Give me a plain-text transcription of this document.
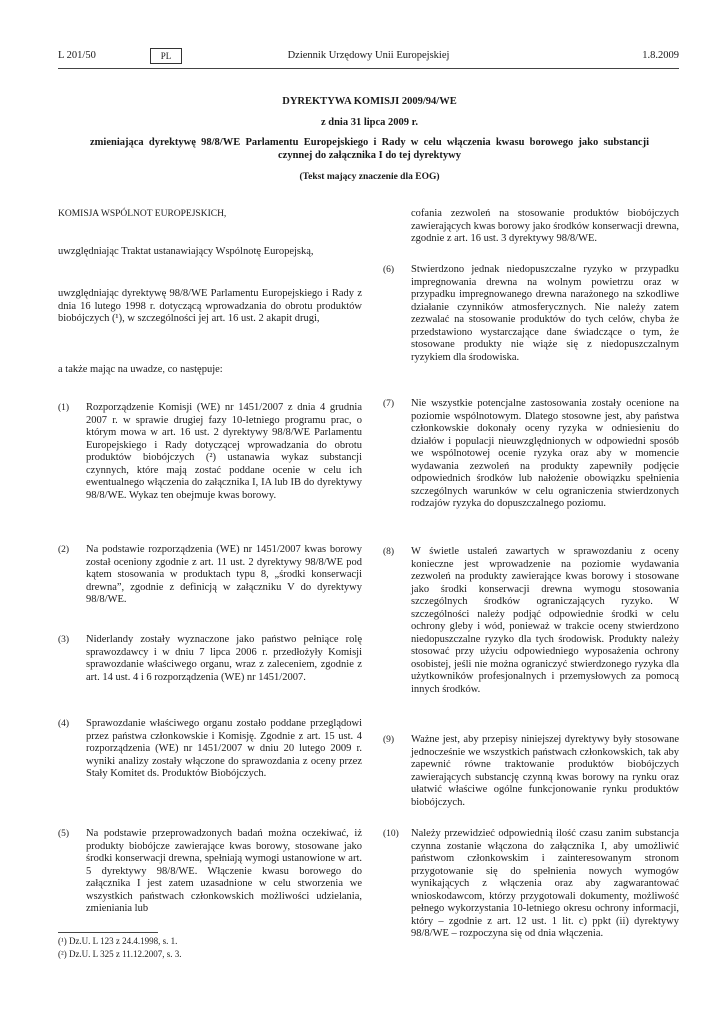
L 201/50	PL	Dziennik Urzędowy Unii Europejskiej	1.8.2009
DYREKTYWA KOMISJI 2009/94/WE
z dnia 31 lipca 2009 r.
zmieniająca dyrektywę 98/8/WE Parlamentu Europejskiego i Rady w celu włączenia kwasu borowego jako substancji czynnej do załącznika I do tej dyrektywy
(Tekst mający znaczenie dla EOG)
KOMISJA WSPÓLNOT EUROPEJSKICH,
uwzględniając Traktat ustanawiający Wspólnotę Europejską,
uwzględniając dyrektywę 98/8/WE Parlamentu Europejskiego i Rady z dnia 16 lutego 1998 r. dotyczącą wprowadzania do obrotu produktów biobójczych (¹), w szczególności jej art. 16 ust. 2 akapit drugi,
a także mając na uwadze, co następuje:
(1) Rozporządzenie Komisji (WE) nr 1451/2007 z dnia 4 grudnia 2007 r. w sprawie drugiej fazy 10-letniego programu prac, o którym mowa w art. 16 ust. 2 dyrektywy 98/8/WE Parlamentu Europejskiego i Rady dotyczącej wprowadzania do obrotu produktów biobójczych (²) ustanawia wykaz substancji czynnych, które mają zostać poddane ocenie w celu ich ewentualnego włączenia do załącznika I, IA lub IB do dyrektywy 98/8/WE. Wykaz ten obejmuje kwas borowy.
(2) Na podstawie rozporządzenia (WE) nr 1451/2007 kwas borowy został oceniony zgodnie z art. 11 ust. 2 dyrektywy 98/8/WE pod kątem stosowania w produktach typu 8, „środki konserwacji drewna”, zgodnie z definicją w załączniku V do dyrektywy 98/8/WE.
(3) Niderlandy zostały wyznaczone jako państwo pełniące rolę sprawozdawcy i w dniu 7 lipca 2006 r. przedłożyły Komisji sprawozdanie właściwego organu, wraz z zaleceniem, zgodnie z art. 14 ust. 4 i 6 rozporządzenia (WE) nr 1451/2007.
(4) Sprawozdanie właściwego organu zostało poddane przeglądowi przez państwa członkowskie i Komisję. Zgodnie z art. 15 ust. 4 rozporządzenia (WE) nr 1451/2007 w dniu 20 lutego 2009 r. wyniki analizy zostały włączone do sprawozdania z oceny przez Stały Komitet ds. Produktów Biobójczych.
(5) Na podstawie przeprowadzonych badań można oczekiwać, iż produkty biobójcze zawierające kwas borowy, stosowane jako środki konserwacji drewna, spełniają wymogi ustanowione w art. 5 dyrektywy 98/8/WE. Włączenie kwasu borowego do załącznika I jest zatem uzasadnione w celu stworzenia we wszystkich państwach członkowskich możliwości udzielania, zmieniania lub
cofania zezwoleń na stosowanie produktów biobójczych zawierających kwas borowy jako środków konserwacji drewna, zgodnie z art. 16 ust. 3 dyrektywy 98/8/WE.
(6) Stwierdzono jednak niedopuszczalne ryzyko w przypadku impregnowania drewna na wolnym powietrzu oraz w przypadku impregnowanego drewna narażonego na szkodliwe działanie czynników atmosferycznych. Nie należy zatem zezwalać na stosowanie produktów do tych celów, chyba że przedstawiono wystarczające dane świadczące o tym, że stosowane produkty nie wiąże się z niedopuszczalnym ryzykiem dla środowiska.
(7) Nie wszystkie potencjalne zastosowania zostały ocenione na poziomie wspólnotowym. Dlatego stosowne jest, aby państwa członkowskie dokonały oceny ryzyka w odniesieniu do działów i populacji nieuwzględnionych w odpowiedni sposób we wspólnotowej ocenie ryzyka oraz aby w momencie wydawania zezwoleń na produkty zapewniły podjęcie odpowiednich środków lub nałożenie obowiązku spełnienia szczególnych warunków w celu ograniczenia stwierdzonych rodzajów ryzyka do dopuszczalnego poziomu.
(8) W świetle ustaleń zawartych w sprawozdaniu z oceny konieczne jest wprowadzenie na poziomie wydawania zezwoleń na produkty zawierające kwas borowy i stosowane jako środki konserwacji drewna wymogu stosowania szczególnych środków ograniczających ryzyko. W szczególności należy podjąć odpowiednie środki w celu ochrony gleby i wód, ponieważ w trakcie oceny stwierdzono niedopuszczalne ryzyko dla tych środowisk. Produkty należy stosować przy użyciu odpowiedniego wyposażenia ochrony osobistej, jeśli nie można ograniczyć stwierdzonego ryzyka dla użytkowników profesjonalnych i przemysłowych za pomocą innych środków.
(9) Ważne jest, aby przepisy niniejszej dyrektywy były stosowane jednocześnie we wszystkich państwach członkowskich, tak aby zapewnić równe traktowanie produktów biobójczych zawierających substancję czynną kwas borowy na rynku oraz ułatwić właściwe ogólne funkcjonowanie rynku produktów biobójczych.
(10) Należy przewidzieć odpowiednią ilość czasu zanim substancja czynna zostanie włączona do załącznika I, aby umożliwić państwom członkowskim i zainteresowanym stronom przygotowanie się do spełnienia nowych wymogów wynikających z włączenia oraz aby zagwarantować wnioskodawcom, którzy przygotowali dokumenty, możliwość pełnego wykorzystania 10-letniego okresu ochrony informacji, który – zgodnie z art. 12 ust. 1 lit. c) ppkt (ii) dyrektywy 98/8/WE – rozpoczyna się od dnia włączenia.
(¹) Dz.U. L 123 z 24.4.1998, s. 1.
(²) Dz.U. L 325 z 11.12.2007, s. 3.
